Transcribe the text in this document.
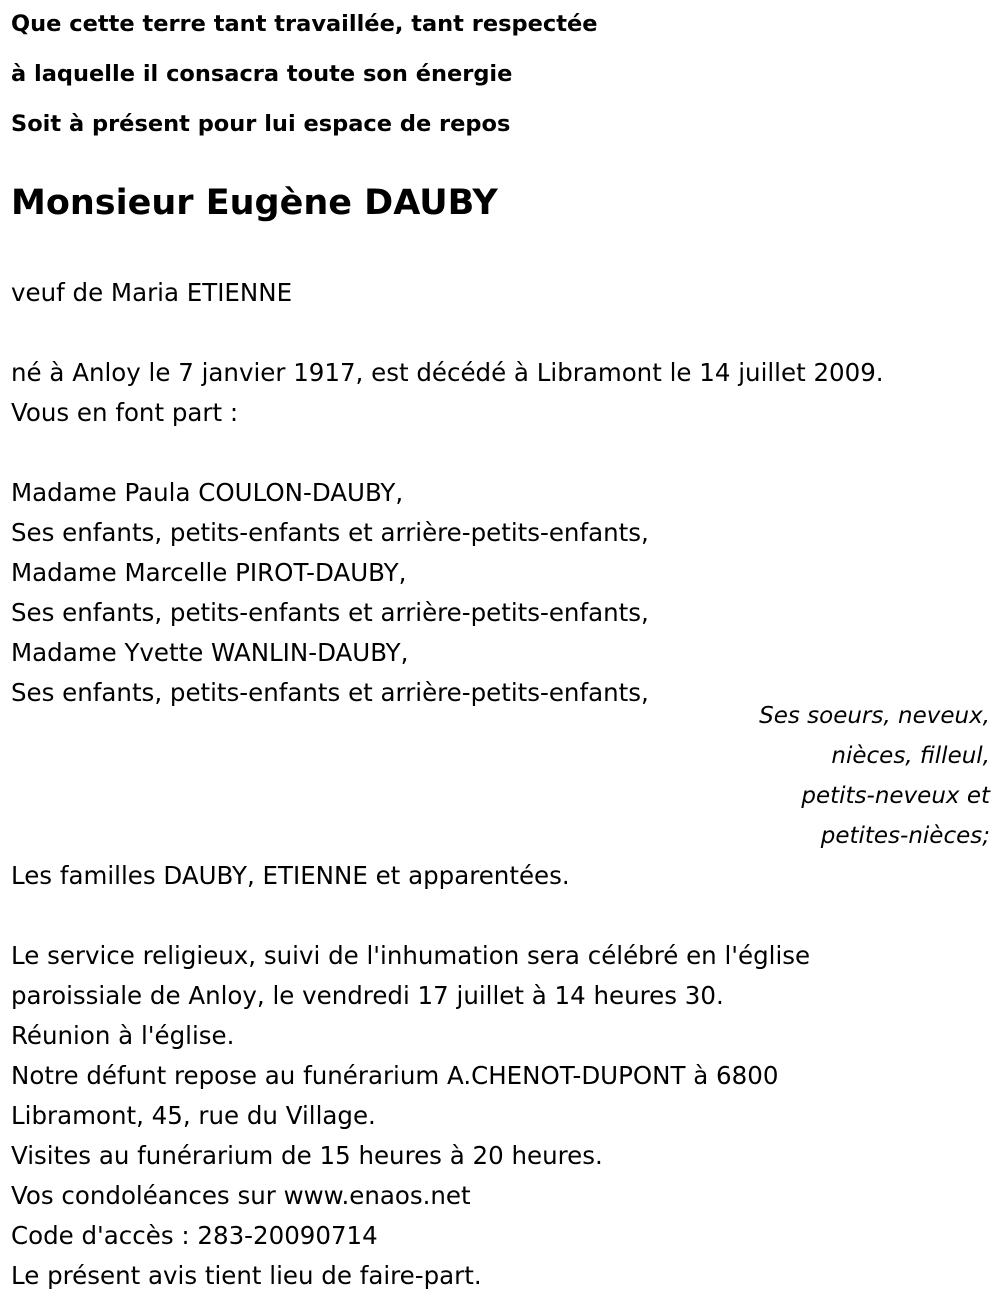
Que cette terre tant travaillée, tant respectée
à laquelle il consacra toute son énergie
Soit à présent pour lui espace de repos
Monsieur Eugène DAUBY
veuf de Maria ETIENNE
né à Anloy le 7 janvier 1917, est décédé à Libramont le 14 juillet 2009.
Vous en font part :
Madame Paula COULON-DAUBY,
Ses enfants, petits-enfants et arrière-petits-enfants,
Madame Marcelle PIROT-DAUBY,
Ses enfants, petits-enfants et arrière-petits-enfants,
Madame Yvette WANLIN-DAUBY,
Ses enfants, petits-enfants et arrière-petits-enfants,
Ses soeurs, neveux,
nièces, filleul,
petits-neveux et
petites-nièces;
Les familles DAUBY, ETIENNE et apparentées.
Le service religieux, suivi de l'inhumation sera célébré en l'église
paroissiale de Anloy, le vendredi 17 juillet à 14 heures 30.
Réunion à l'église.
Notre défunt repose au funérarium A.CHENOT-DUPONT à 6800
Libramont, 45, rue du Village.
Visites au funérarium de 15 heures à 20 heures.
Vos condoléances sur www.enaos.net
Code d'accès : 283-20090714
Le présent avis tient lieu de faire-part.
